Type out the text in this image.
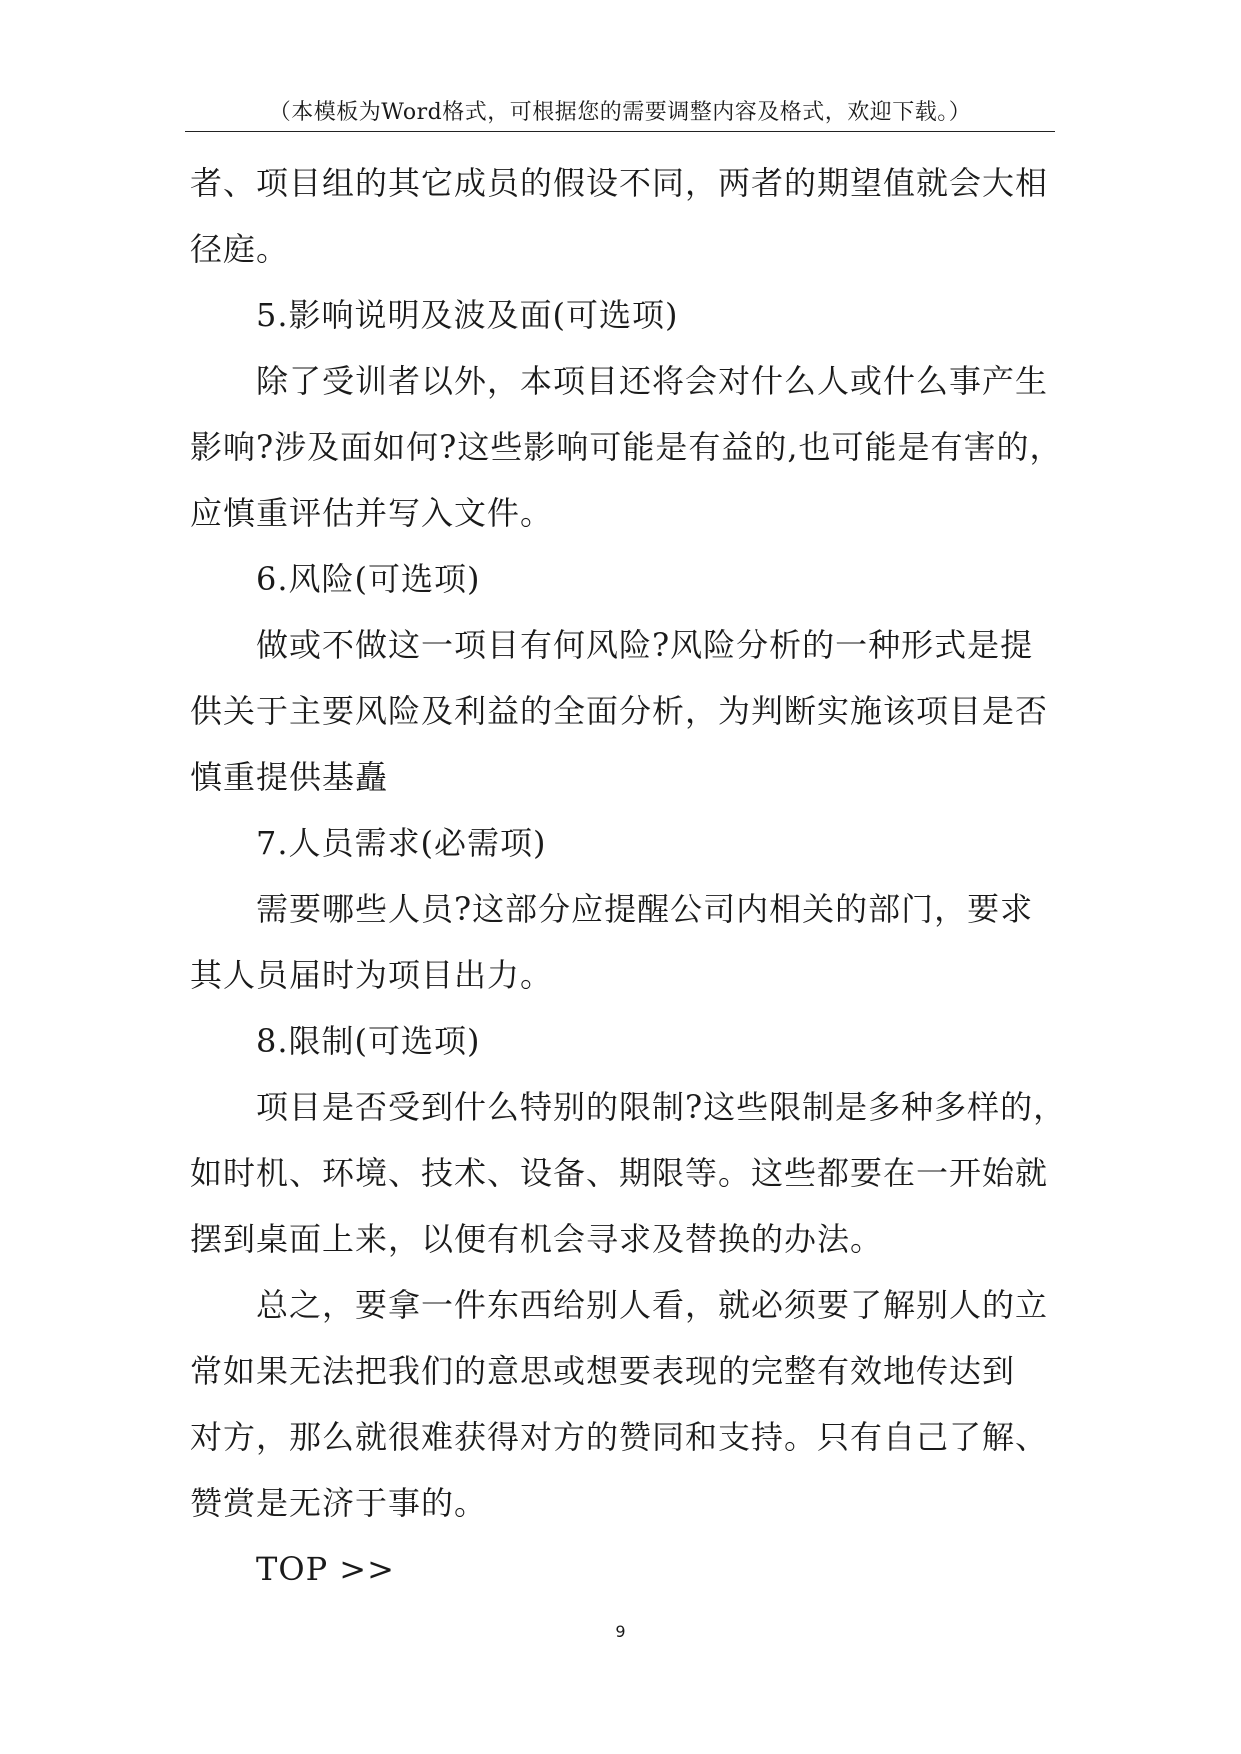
（本模板为Word格式，可根据您的需要调整内容及格式，欢迎下载。）
者、项目组的其它成员的假设不同，两者的期望值就会大相
径庭。
5.影响说明及波及面(可选项)
除了受训者以外，本项目还将会对什么人或什么事产生
影响?涉及面如何?这些影响可能是有益的,也可能是有害的，
应慎重评估并写入文件。
6.风险(可选项)
做或不做这一项目有何风险?风险分析的一种形式是提
供关于主要风险及利益的全面分析，为判断实施该项目是否
慎重提供基矗
7.人员需求(必需项)
需要哪些人员?这部分应提醒公司内相关的部门，要求
其人员届时为项目出力。
8.限制(可选项)
项目是否受到什么特别的限制?这些限制是多种多样的，
如时机、环境、技术、设备、期限等。这些都要在一开始就
摆到桌面上来，以便有机会寻求及替换的办法。
总之，要拿一件东西给别人看，就必须要了解别人的立
常如果无法把我们的意思或想要表现的完整有效地传达到
对方，那么就很难获得对方的赞同和支持。只有自己了解、
赞赏是无济于事的。
TOP >>
9
